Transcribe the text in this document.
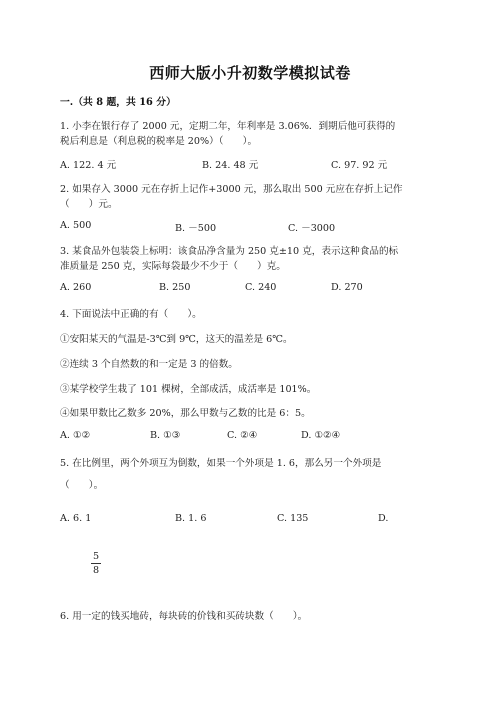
西师大版小升初数学模拟试卷
一.（共 8 题，共 16 分）
1. 小李在银行存了 2000 元，定期二年，年利率是 3.06%．到期后他可获得的
税后利息是（利息税的税率是 20%）（　　）。
A. 122. 4 元	B. 24. 48 元	C. 97. 92 元
2. 如果存入 3000 元在存折上记作+3000 元，那么取出 500 元应在存折上记作
（　　）元。
A. 500	B. －500	C. －3000
3. 某食品外包装袋上标明：该食品净含量为 250 克±10 克，表示这种食品的标
准质量是 250 克，实际每袋最少不少于（　　）克。
A. 260	B. 250	C. 240	D. 270
4. 下面说法中正确的有（　　）。
①安阳某天的气温是-3℃到 9℃，这天的温差是 6℃。
②连续 3 个自然数的和一定是 3 的倍数。
③某学校学生栽了 101 棵树，全部成活，成活率是 101%。
④如果甲数比乙数多 20%，那么甲数与乙数的比是 6：5。
A. ①②	B. ①③	C. ②④	D. ①②④
5. 在比例里，两个外项互为倒数，如果一个外项是 1. 6，那么另一个外项是
（　　）。
A. 6. 1	B. 1. 6	C. 135	D.
5
8
6. 用一定的钱买地砖，每块砖的价钱和买砖块数（　　）。
